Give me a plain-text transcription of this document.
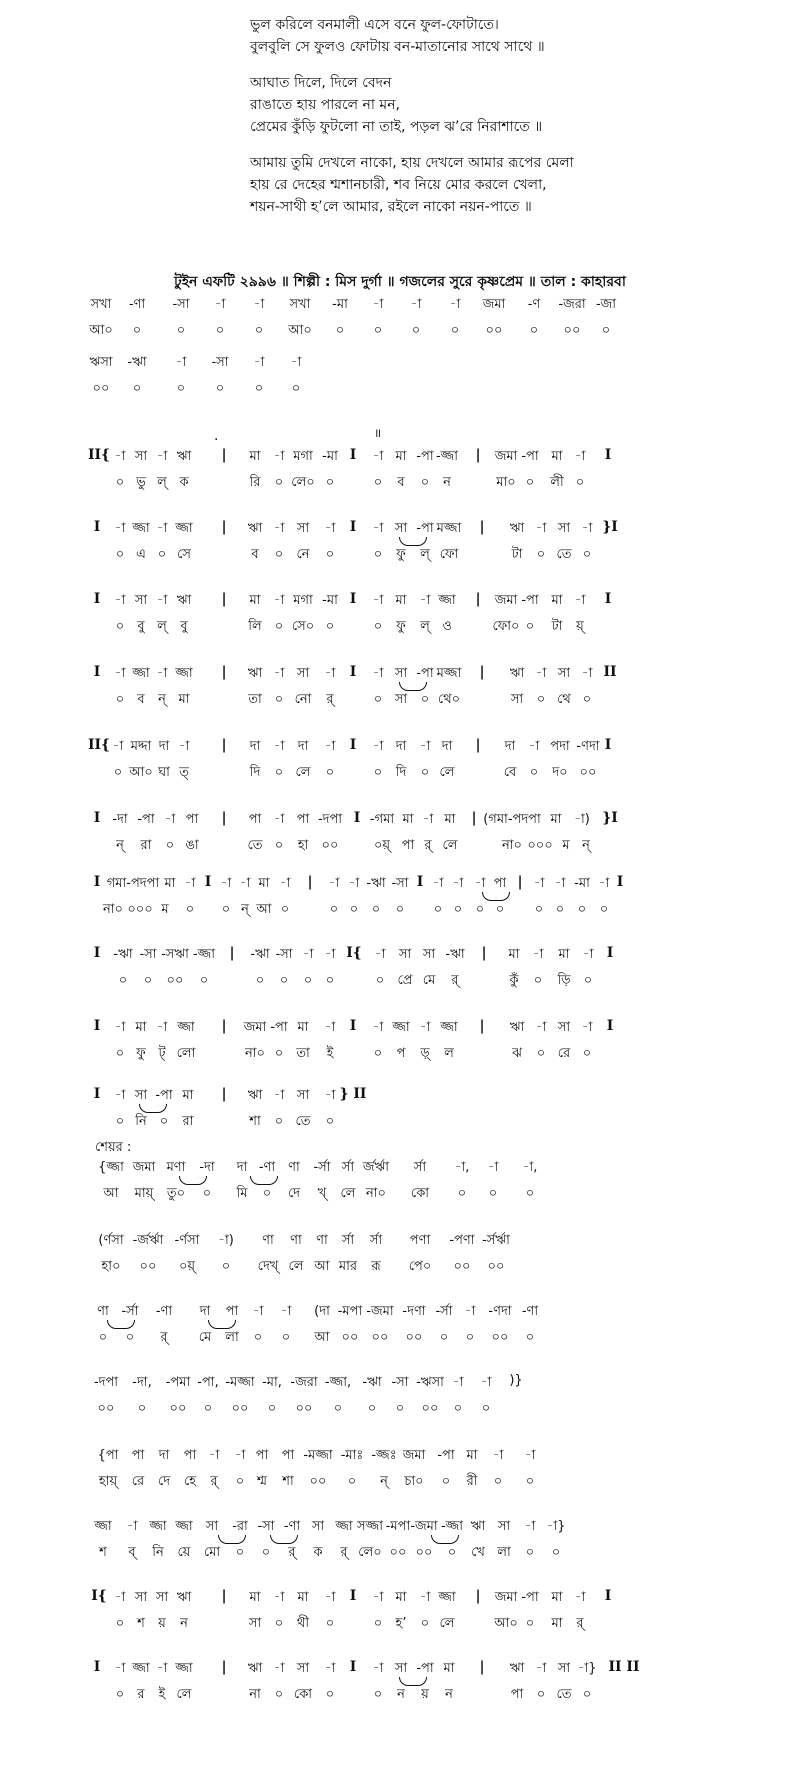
ভুল করিলে বনমালী এসে বনে ফুল-ফোটাতে।
বুলবুলি সে ফুলও ফোটায় বন-মাতানোর সাথে সাথে ॥
আঘাত দিলে, দিলে বেদন
রাঙাতে হায় পারলে না মন,
প্রেমের কুঁড়ি ফুটলো না তাই, পড়ল ঝ’রে নিরাশাতে ॥
আমায় তুমি দেখলে নাকো, হায় দেখলে আমার রূপের মেলা
হায় রে দেহের শ্মশানচারী, শব নিয়ে মোর করলে খেলা,
শয়ন-সাথী হ’লে আমার, রইলে নাকো নয়ন-পাতে ॥
টুইন এফটি ২৯৯৬ ॥ শিল্পী : মিস দুর্গা ॥ গজলের সুরে কৃষ্ণপ্রেম ॥ তাল : কাহারবা
শেয়র :
সখা -ণা -সা -া -া সখা -মা -া -া -া জমা -ণ -জরা -জা
আ০ ০	০ ০ ০ আ০ ০ ০ ০ ০ ০০ ০ ০০ ০
ঋসা -ঋা -া -সা -া -া
০০ ০	০ ০ ০ ০
II{ -া সা -া ঋা | মা -া মগা -মা I -া মা -পা -জ্জা | জমা -পা মা -া I
০ ভু ল্ ক	রি ০ লে০ ০	০ ব ০ ন	মা০ ০ লী ০
I -া জ্জা -া জ্জা | ঋা -া সা -া I -া সা -পা মজ্জা | ঋা -া সা -া }I
০ এ ০ সে	ব ০ নে ০	০ ফু ল্ ফো	টা ০ তে ০
I -া সা -া ঋা | মা -া মগা -মা I -া মা -া জ্জা | জমা -পা মা -া I
০ বু ল্ বু	লি ০ সে০ ০	০ ফু ল্ ও	ফো০ ০ টা য়্
I -া জ্জা -া জ্জা | ঋা -া সা -া I -া সা -পা মজ্জা | ঋা -া সা -া II
০ ব ন্ মা	তা ০ নো র্	০ সা ০ থে০	সা ০ থে ০
II{ -া মদ্দা দা -া | দা -া দা -া I -া দা -া দা | দা -া পদা -ণদা I
০ আ০ ঘা ত্	দি ০ লে ০	০ দি ০ লে	বে ০ দ০ ০০
I -দা -পা -া পা | পা -া পা -দপা I -গমা মা -া মা | (গমা-পদপা মা -া) }I
ন্ রা ০ ঙা	তে ০ হা ০০	০য়্ পা র্ লে	না০ ০০০ ম ন্
I গমা-পদপা মা -া I -া -া মা -া | -া -া -ঋা -সা I -া -া -া পা | -া -া -মা -া I
না০ ০০০ ম ০ ০ ন্ আ ০	০ ০ ০ ০ ০ ০ ০ ০ ০ ০ ০ ০
I -ঋা -সা -সঋা -জ্জা | -ঋা -সা -া -া I{ -া সা সা -ঋা | মা -া মা -া I
০ ০ ০০ ০	০ ০ ০ ০	০ প্রে মে র্	কুঁ ০ ড়ি ০
I -া মা -া জ্জা | জমা -পা মা -া I -া জ্জা -া জ্জা | ঋা -া সা -া I
০ ফু ট্ লো	না০ ০ তা ই	০ প ড়্ ল	ঝ ০ রে ০
I -া সা -পা মা | ঋা -া সা -া } II
০ নি ০ রা	শা ০ তে ০
{জ্জা জমা মণা -দা দা -ণা ণা -র্সা র্সা র্জর্ঋা র্সা -া, -া -া,
আ মায়্ তু০ ০ মি ০ দে খ্ লে না০ কো ০ ০ ০
(র্ণসা -র্জর্ঋা -র্ণসা -া) ণা ণা ণা র্সা র্সা পণা -পণা -র্সর্ঋা
হা০ ০০ ০য়্ ০ দেখ্ লে আ মার রূ পে০ ০০ ০০
ণা -র্সা -ণা দা পা -া -া (দা -মপা -জমা -দণা -র্সা -া -ণদা -ণা
০ ০ র্ মে লা ০ ০ আ ০০ ০০ ০০ ০ ০ ০০ ০
-দপা -দা, -পমা -পা, -মজ্জা -মা, -জরা -জ্জা, -ঋা -সা -ঋসা -া -া )}
০০ ০ ০০ ০ ০০ ০ ০০ ০ ০ ০ ০০ ০ ০
{পা পা দা পা -া -া পা পা -মজ্জা -মাঃ -জ্জঃ জমা -পা মা -া -া
হায়্ রে দে হে র্ ০ শ্ম শা ০০ ০ ন্ চা০ ০ রী ০ ০
জ্জা -া জ্জা জ্জা সা -রা -সা -ণা সা জ্জা সজ্জা -মপা -জমা -জ্জা ঋা সা -া -া}
শ ব্ নি য়ে মো ০ ০ র্ ক র্ লে০ ০০ ০০ ০ খে লা ০ ০
I{ -া সা সা ঋা | মা -া মা -া I -া মা -া জ্জা | জমা -পা মা -া I
০ শ য় ন	সা ০ থী ০	০ হ’ ০ লে	আ০ ০ মা র্
I -া জ্জা -া জ্জা | ঋা -া সা -া I -া সা -পা মা | ঋা -া সা -া} II II
০ র ই লে	না ০ কো ০	০ ন য় ন	পা ০ তে ০
.	॥
